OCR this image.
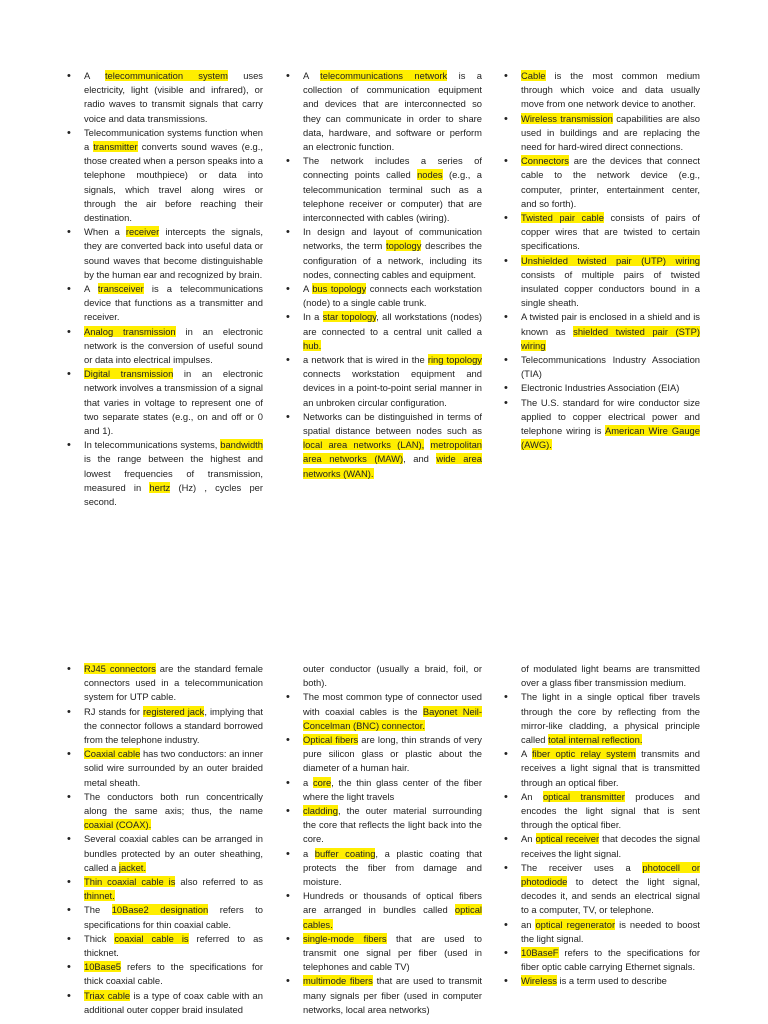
• A telecommunication system uses electricity, light (visible and infrared), or radio waves to transmit signals that carry voice and data transmissions.
• Telecommunication systems function when a transmitter converts sound waves (e.g., those created when a person speaks into a telephone mouthpiece) or data into signals, which travel along wires or through the air before reaching their destination.
• When a receiver intercepts the signals, they are converted back into useful data or sound waves that become distinguishable by the human ear and recognized by brain.
• A transceiver is a telecommunications device that functions as a transmitter and receiver.
• Analog transmission in an electronic network is the conversion of useful sound or data into electrical impulses.
• Digital transmission in an electronic network involves a transmission of a signal that varies in voltage to represent one of two separate states (e.g., on and off or 0 and 1).
• In telecommunications systems, bandwidth is the range between the highest and lowest frequencies of transmission, measured in hertz (Hz) , cycles per second.
• A telecommunications network is a collection of communication equipment and devices that are interconnected so they can communicate in order to share data, hardware, and software or perform an electronic function.
• The network includes a series of connecting points called nodes (e.g., a telecommunication terminal such as a telephone receiver or computer) that are interconnected with cables (wiring).
• In design and layout of communication networks, the term topology describes the configuration of a network, including its nodes, connecting cables and equipment.
• A bus topology connects each workstation (node) to a single cable trunk.
• In a star topology, all workstations (nodes) are connected to a central unit called a hub.
• a network that is wired in the ring topology connects workstation equipment and devices in a point-to-point serial manner in an unbroken circular configuration.
• Networks can be distinguished in terms of spatial distance between nodes such as local area networks (LAN), metropolitan area networks (MAW), and wide area networks (WAN).
• Cable is the most common medium through which voice and data usually move from one network device to another.
• Wireless transmission capabilities are also used in buildings and are replacing the need for hard-wired direct connections.
• Connectors are the devices that connect cable to the network device (e.g., computer, printer, entertainment center, and so forth).
• Twisted pair cable consists of pairs of copper wires that are twisted to certain specifications.
• Unshielded twisted pair (UTP) wiring consists of multiple pairs of twisted insulated copper conductors bound in a single sheath.
• A twisted pair is enclosed in a shield and is known as shielded twisted pair (STP) wiring
• Telecommunications Industry Association (TIA)
• Electronic Industries Association (EIA)
• The U.S. standard for wire conductor size applied to copper electrical power and telephone wiring is American Wire Gauge (AWG).
• RJ45 connectors are the standard female connectors used in a telecommunication system for UTP cable.
• RJ stands for registered jack, implying that the connector follows a standard borrowed from the telephone industry.
• Coaxial cable has two conductors: an inner solid wire surrounded by an outer braided metal sheath.
• The conductors both run concentrically along the same axis; thus, the name coaxial (COAX).
• Several coaxial cables can be arranged in bundles protected by an outer sheathing, called a jacket.
• Thin coaxial cable is also referred to as thinnet.
• The 10Base2 designation refers to specifications for thin coaxial cable.
• Thick coaxial cable is referred to as thicknet.
• 10Base5 refers to the specifications for thick coaxial cable.
• Triax cable is a type of coax cable with an additional outer copper braid insulated
outer conductor (usually a braid, foil, or both).
• The most common type of connector used with coaxial cables is the Bayonet Neil-Concelman (BNC) connector.
• Optical fibers are long, thin strands of very pure silicon glass or plastic about the diameter of a human hair.
• a core, the thin glass center of the fiber where the light travels
• cladding, the outer material surrounding the core that reflects the light back into the core.
• a buffer coating, a plastic coating that protects the fiber from damage and moisture.
• Hundreds or thousands of optical fibers are arranged in bundles called optical cables.
• single-mode fibers that are used to transmit one signal per fiber (used in telephones and cable TV)
• multimode fibers that are used to transmit many signals per fiber (used in computer networks, local area networks)
of modulated light beams are transmitted over a glass fiber transmission medium.
• The light in a single optical fiber travels through the core by reflecting from the mirror-like cladding, a physical principle called total internal reflection.
• A fiber optic relay system transmits and receives a light signal that is transmitted through an optical fiber.
• An optical transmitter produces and encodes the light signal that is sent through the optical fiber.
• An optical receiver that decodes the signal receives the light signal.
• The receiver uses a photocell or photodiode to detect the light signal, decodes it, and sends an electrical signal to a computer, TV, or telephone.
• an optical regenerator is needed to boost the light signal.
• 10BaseF refers to the specifications for fiber optic cable carrying Ethernet signals.
• Wireless is a term used to describe
